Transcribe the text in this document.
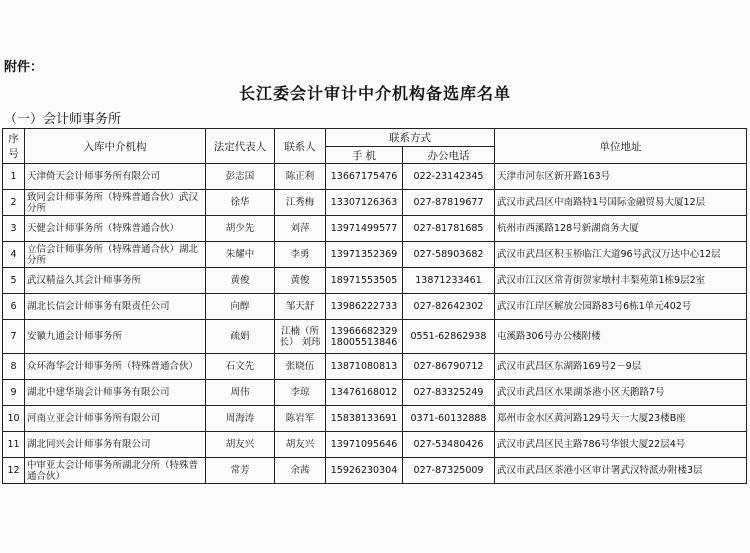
附件：
长江委会计审计中介机构备选库名单
（一）会计师事务所
序号	入库中介机构	法定代表人	联系人	联系方式		单位地址
				手 机	办公电话	
1	天津倚天会计师事务所有限公司	彭志国	陈正利	13667175476	022-23142345	天津市河东区新开路163号
2	致同会计师事务所（特殊普通合伙）武汉分所	徐华	江秀梅	13307126363	027-87819677	武汉市武昌区中南路特1号国际金融贸易大厦12层
3	天健会计师事务所（特殊普通合伙）	胡少先	刘萍	13971499577	027-81781685	杭州市西溪路128号新湖商务大厦
4	立信会计师事务所（特殊普通合伙）湖北分所	朱耀中	李勇	13971352369	027-58903682	武汉市武昌区积玉桥临江大道96号武汉万达中心12层
5	武汉精益久其会计师事务所	黄俊	黄俊	18971553505	13871233461	武汉市江汉区常青街贺家墩村丰梨苑第1栋9层2室
6	湖北长信会计师事务有限责任公司	向醇	邹天舒	13986222733	027-82642302	武汉市江岸区解放公园路83号6栋1单元402号
7	安徽九通会计师事务所	疏娟	江楠（所长） 刘玮	13966682329 18005513846	0551-62862938	屯溪路306号办公楼附楼
8	众环海华会计师事务所（特殊普通合伙）	石文先	张晓伍	13871080813	027-86790712	武汉市武昌区东湖路169号2－9层
9	湖北中建华瑞会计师事务有限公司	周伟	李琼	13476168012	027-83325249	武汉市武昌区水果湖茶港小区天鹅路7号
10	河南立亚会计师事务所有限公司	周海涛	陈岩军	15838133691	0371-60132888	郑州市金水区黄河路129号天一大厦23楼B座
11	湖北同兴会计师事务有限公司	胡友兴	胡友兴	13971095646	027-53480426	武汉市武昌区民主路786号华银大厦22层4号
12	中审亚太会计师事务所湖北分所（特殊普通合伙）	常芳	余茜	15926230304	027-87325009	武汉市武昌区茶港小区审计署武汉特派办附楼3层
